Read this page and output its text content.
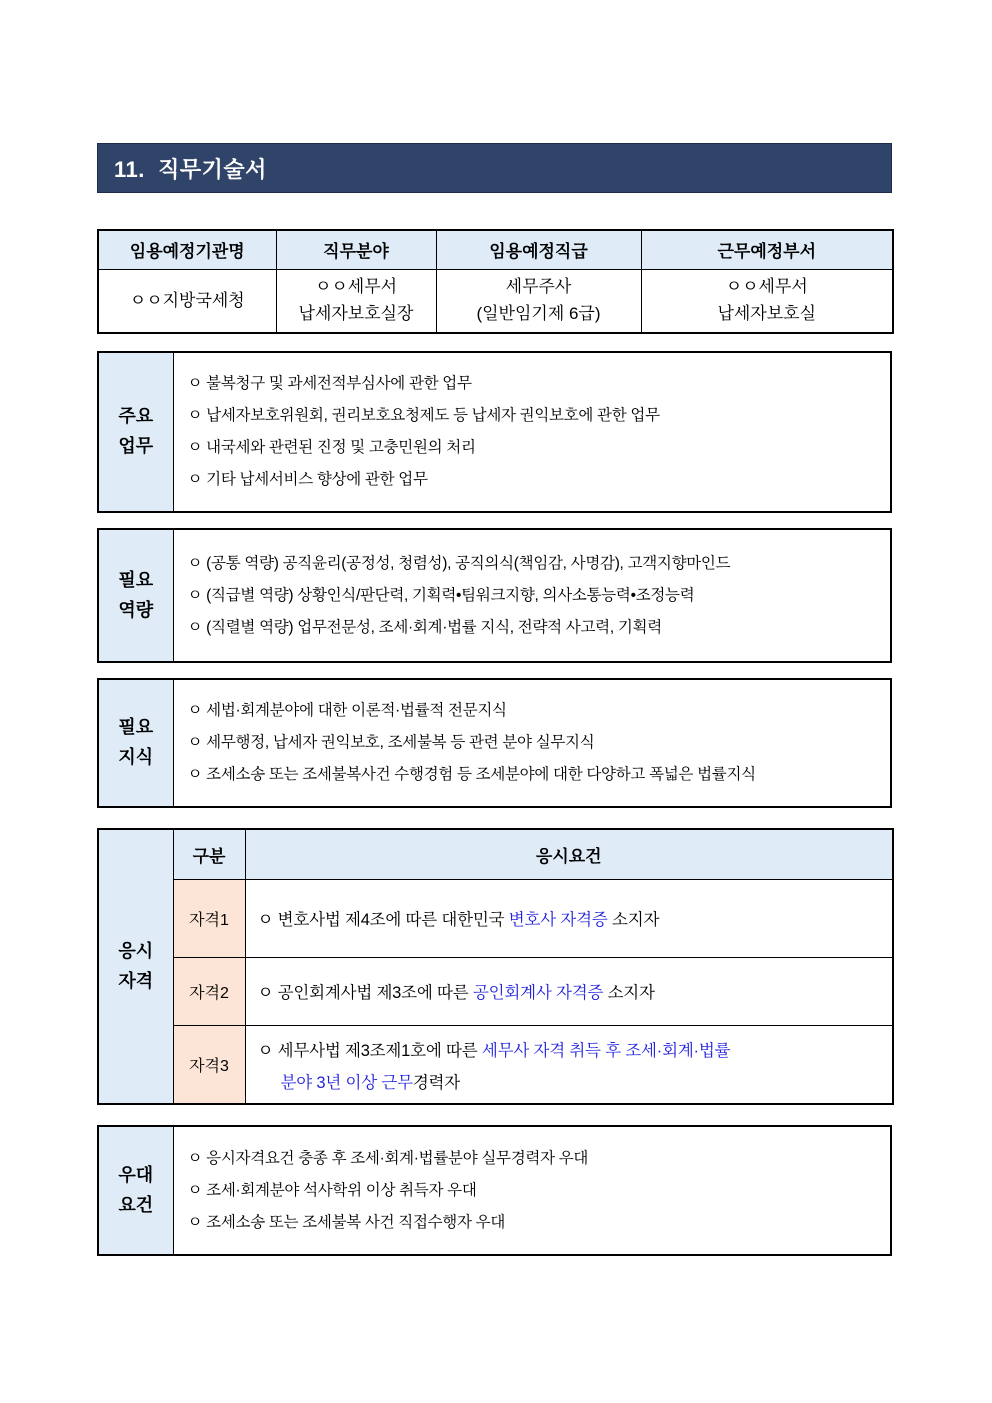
11.  직무기술서
임용예정기관명	직무분야	임용예정직급	근무예정부서

ㅇㅇ지방국세청

ㅇㅇ세무서
납세자보호실장

세무주사
(일반임기제 6급)

ㅇㅇ세무서
납세자보호실
주요
업무

ㅇ 불복청구 및 과세전적부심사에 관한 업무
ㅇ 납세자보호위원회, 권리보호요청제도 등 납세자 권익보호에 관한 업무
ㅇ 내국세와 관련된 진정 및 고충민원의 처리
ㅇ 기타 납세서비스 향상에 관한 업무
필요
역량

ㅇ (공통 역량) 공직윤리(공정성, 청렴성), 공직의식(책임감, 사명감), 고객지향마인드
ㅇ (직급별 역량) 상황인식/판단력, 기획력•팀워크지향, 의사소통능력•조정능력
ㅇ (직렬별 역량) 업무전문성, 조세·회계·법률 지식, 전략적 사고력, 기획력
필요
지식

ㅇ 세법·회계분야에 대한 이론적·법률적 전문지식
ㅇ 세무행정, 납세자 권익보호, 조세불복 등 관련 분야 실무지식
ㅇ 조세소송 또는 조세불복사건 수행경험 등 조세분야에 대한 다양하고 폭넓은 법률지식
응시
자격	구분	응시요건
	자격1	ㅇ 변호사법 제4조에 따른 대한민국 변호사 자격증 소지자
	자격2	ㅇ 공인회계사법 제3조에 따른 공인회계사 자격증 소지자
	자격3	ㅇ 세무사법 제3조제1호에 따른 세무사 자격 취득 후 조세·회계·법률
분야 3년 이상 근무경력자
우대
요건

ㅇ 응시자격요건 충종 후 조세·회계·법률분야 실무경력자 우대
ㅇ 조세·회계분야 석사학위 이상 취득자 우대
ㅇ 조세소송 또는 조세불복 사건 직접수행자 우대
